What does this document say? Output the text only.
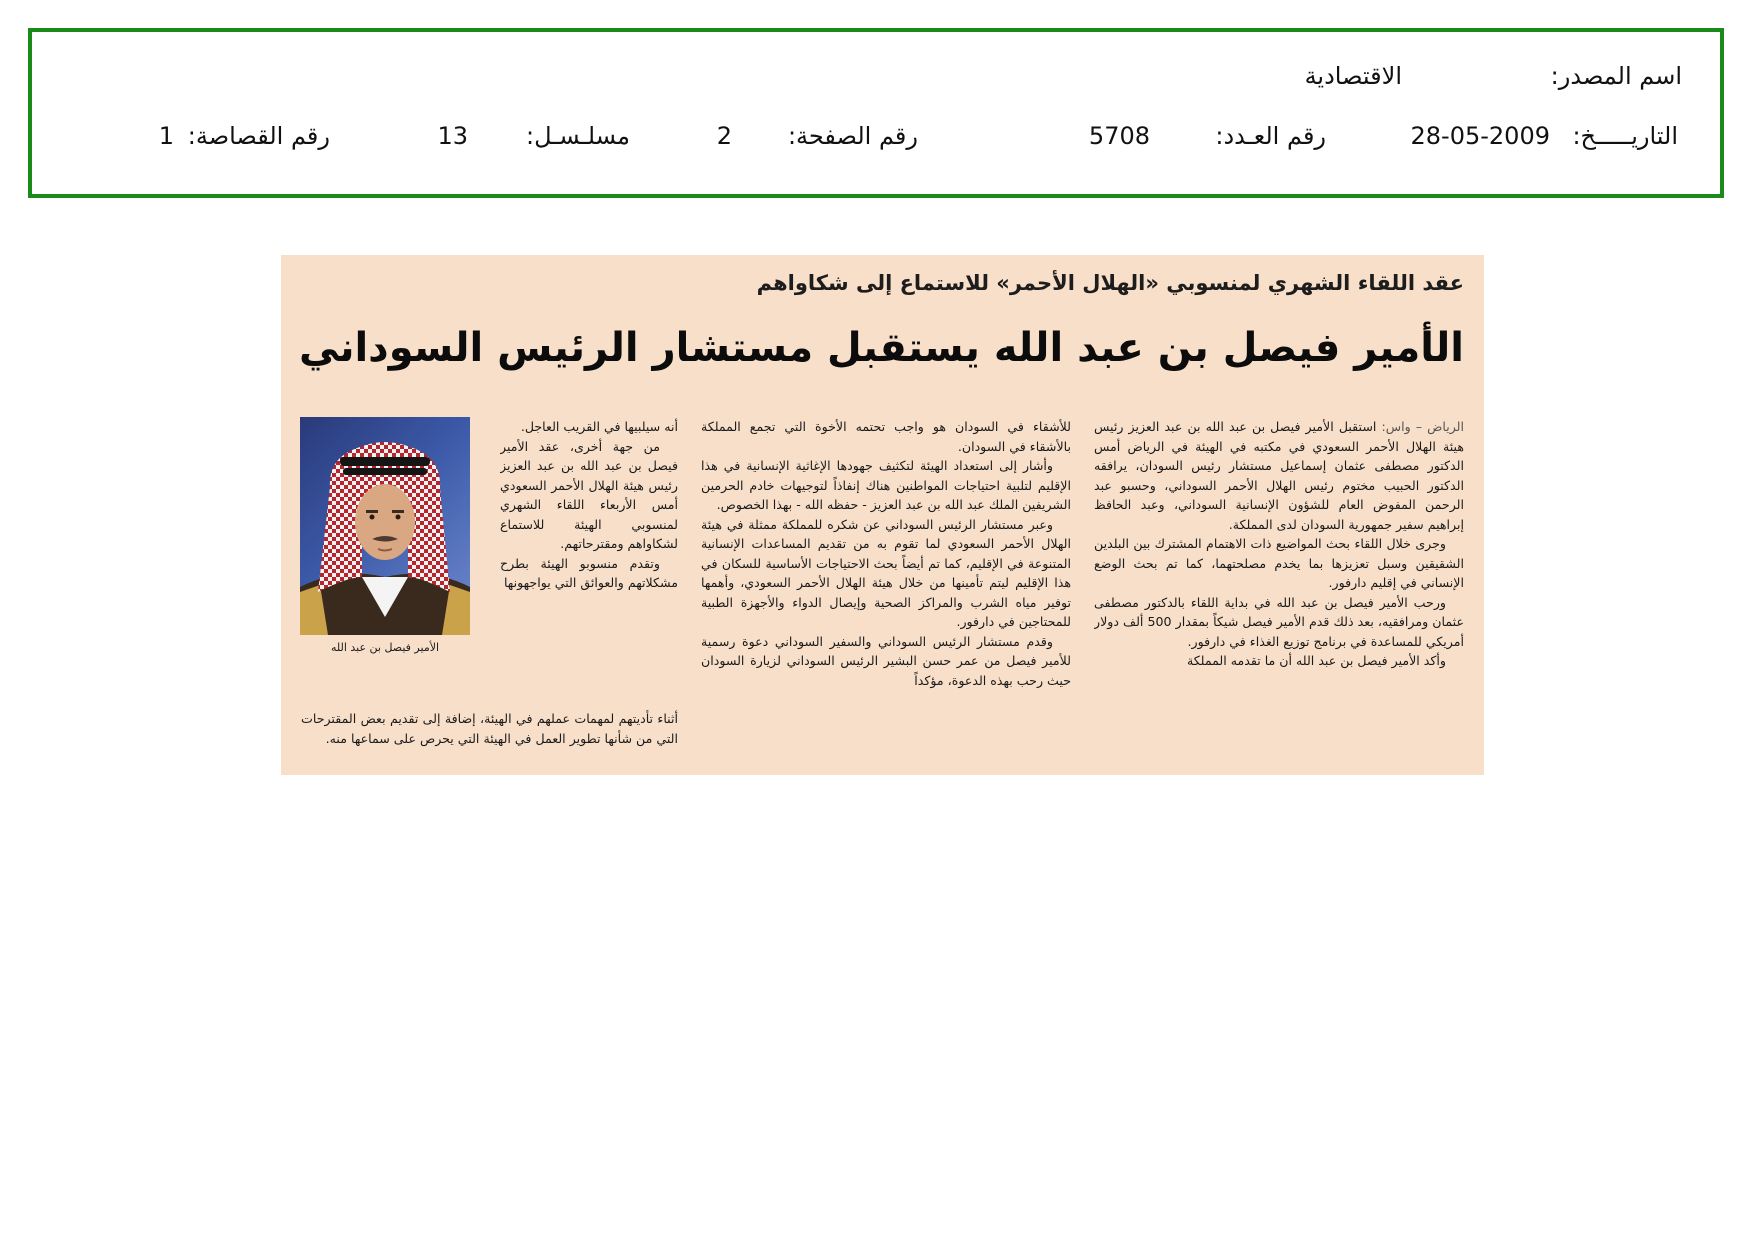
اسم المصدر:
الاقتصادية
التاريـــــخ:
28-05-2009
رقم العـدد:
5708
رقم الصفحة:
2
مسلـسـل:
13
رقم القصاصة:
1
عقد اللقاء الشهري لمنسوبي «الهلال الأحمر» للاستماع إلى شكاواهم
الأمير فيصل بن عبد الله يستقبل مستشار الرئيس السوداني

الرياض – واس: استقبل الأمير فيصل بن عبد الله بن عبد العزيز رئيس هيئة الهلال الأحمر السعودي في مكتبه في الهيئة في الرياض أمس الدكتور مصطفى عثمان إسماعيل مستشار رئيس السودان، يرافقه الدكتور الحبيب مختوم رئيس الهلال الأحمر السوداني، وحسبو عبد الرحمن المفوض العام للشؤون الإنسانية السوداني، وعبد الحافظ إبراهيم سفير جمهورية السودان لدى المملكة.

وجرى خلال اللقاء بحث المواضيع ذات الاهتمام المشترك بين البلدين الشقيقين وسبل تعزيزها بما يخدم مصلحتهما، كما تم بحث الوضع الإنساني في إقليم دارفور.

ورحب الأمير فيصل بن عبد الله في بداية اللقاء بالدكتور مصطفى عثمان ومرافقيه، بعد ذلك قدم الأمير فيصل شيكاً بمقدار 500 ألف دولار أمريكي للمساعدة في برنامج توزيع الغذاء في دارفور.

وأكد الأمير فيصل بن عبد الله أن ما تقدمه المملكة

للأشقاء في السودان هو واجب تحتمه الأخوة التي تجمع المملكة بالأشقاء في السودان.

وأشار إلى استعداد الهيئة لتكثيف جهودها الإغاثية الإنسانية في هذا الإقليم لتلبية احتياجات المواطنين هناك إنفاذاً لتوجيهات خادم الحرمين الشريفين الملك عبد الله بن عبد العزيز - حفظه الله - بهذا الخصوص.

وعبر مستشار الرئيس السوداني عن شكره للمملكة ممثلة في هيئة الهلال الأحمر السعودي لما تقوم به من تقديم المساعدات الإنسانية المتنوعة في الإقليم، كما تم أيضاً بحث الاحتياجات الأساسية للسكان في هذا الإقليم ليتم تأمينها من خلال هيئة الهلال الأحمر السعودي، وأهمها توفير مياه الشرب والمراكز الصحية وإيصال الدواء والأجهزة الطبية للمحتاجين في دارفور.

وقدم مستشار الرئيس السوداني والسفير السوداني دعوة رسمية للأمير فيصل من عمر حسن البشير الرئيس السوداني لزيارة السودان حيث رحب بهذه الدعوة، مؤكداً

أنه سيلبيها في القريب العاجل.

من جهة أخرى، عقد الأمير فيصل بن عبد الله بن عبد العزيز رئيس هيئة الهلال الأحمر السعودي أمس الأربعاء اللقاء الشهري لمنسوبي الهيئة للاستماع لشكاواهم ومقترحاتهم.

وتقدم منسوبو الهيئة بطرح مشكلاتهم والعوائق التي يواجهونها

أثناء تأديتهم لمهمات عملهم في الهيئة، إضافة إلى تقديم بعض المقترحات التي من شأنها تطوير العمل في الهيئة التي يحرص على سماعها منه.
الأمير فيصل بن عبد الله
